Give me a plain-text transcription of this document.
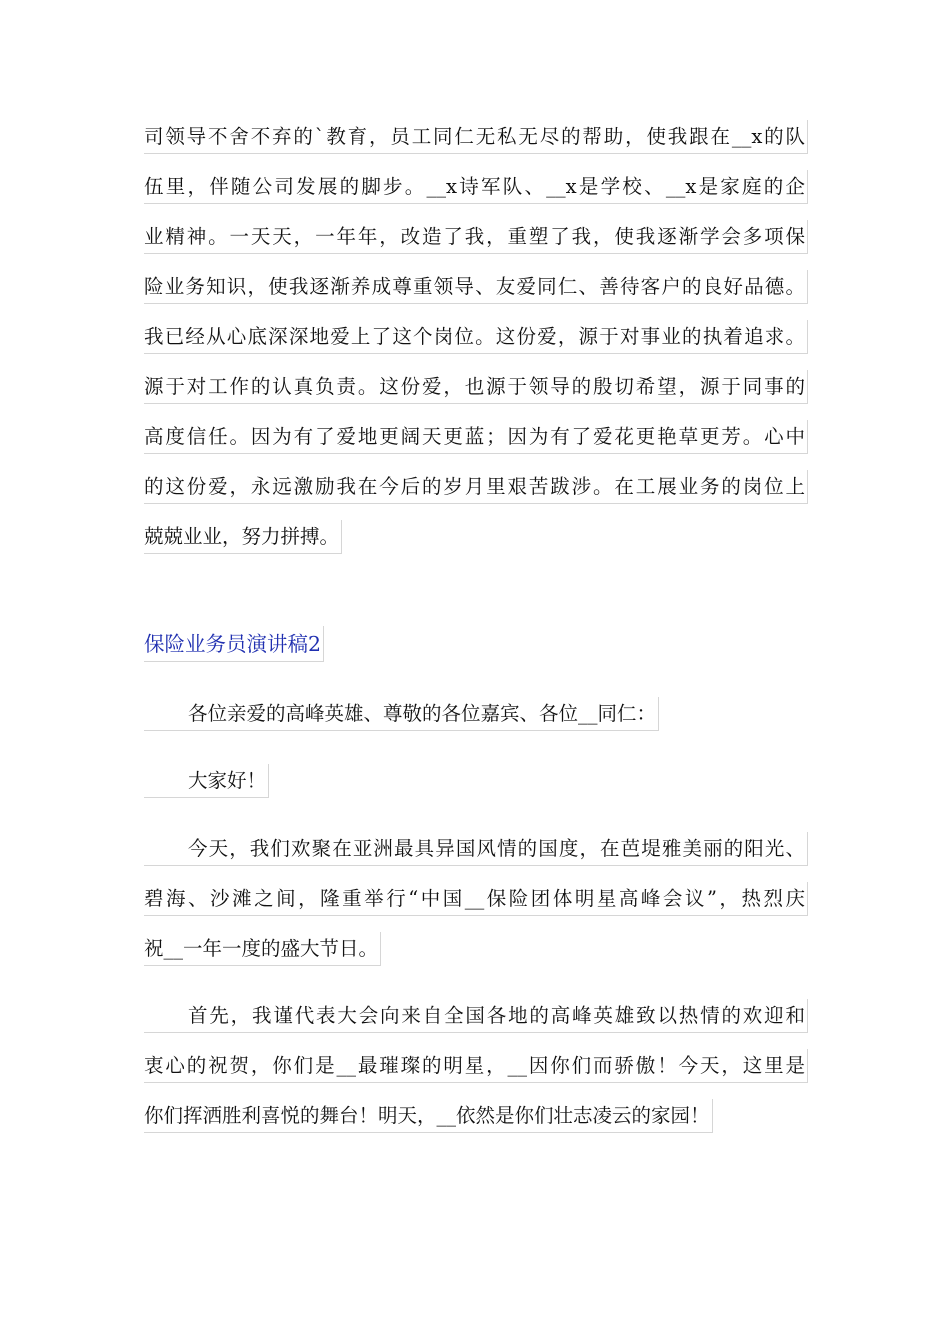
司领导不舍不弃的`教育，员工同仁无私无尽的帮助，使我跟在__x的队
伍里，伴随公司发展的脚步。__x诗军队、__x是学校、__x是家庭的企
业精神。一天天，一年年，改造了我，重塑了我，使我逐渐学会多项保
险业务知识，使我逐渐养成尊重领导、友爱同仁、善待客户的良好品德。
我已经从心底深深地爱上了这个岗位。这份爱，源于对事业的执着追求。
源于对工作的认真负责。这份爱，也源于领导的殷切希望，源于同事的
高度信任。因为有了爱地更阔天更蓝；因为有了爱花更艳草更芳。心中
的这份爱，永远激励我在今后的岁月里艰苦跋涉。在工展业务的岗位上
兢兢业业，努力拼搏。
保险业务员演讲稿2
各位亲爱的高峰英雄、尊敬的各位嘉宾、各位__同仁：
大家好！
今天，我们欢聚在亚洲最具异国风情的国度，在芭堤雅美丽的阳光、
碧海、沙滩之间，隆重举行“中国__保险团体明星高峰会议”，热烈庆
祝__一年一度的盛大节日。
首先，我谨代表大会向来自全国各地的高峰英雄致以热情的欢迎和
衷心的祝贺，你们是__最璀璨的明星，__因你们而骄傲！今天，这里是
你们挥洒胜利喜悦的舞台！明天，__依然是你们壮志凌云的家园！
